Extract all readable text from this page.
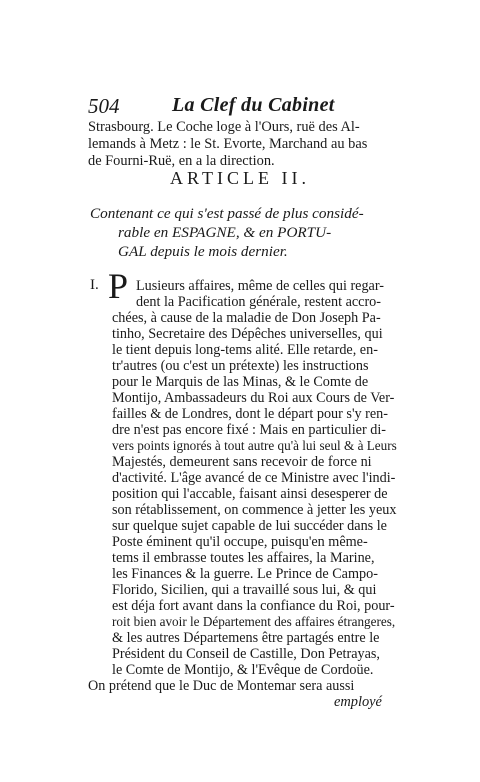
504	La Clef du Cabinet
Strasbourg. Le Coche loge à l'Ours, ruë des Al-
lemands à Metz : le St. Evorte, Marchand au bas
de Fourni-Ruë, en a la direction.
ARTICLE II.
Contenant ce qui s'est passé de plus considé-
rable en ESPAGNE, & en PORTU-
GAL depuis le mois dernier.
I. P Lusieurs affaires, même de celles qui regar-
dent la Pacification générale, restent accro-
chées, à cause de la maladie de Don Joseph Pa-
tinho, Secretaire des Dépêches universelles, qui
le tient depuis long-tems alité. Elle retarde, en-
tr'autres (ou c'est un prétexte) les instructions
pour le Marquis de las Minas, & le Comte de
Montijo, Ambassadeurs du Roi aux Cours de Ver-
failles & de Londres, dont le départ pour s'y ren-
dre n'est pas encore fixé : Mais en particulier di-
vers points ignorés à tout autre qu'à lui seul & à Leurs
Majestés, demeurent sans recevoir de force ni
d'activité. L'âge avancé de ce Ministre avec l'indi-
position qui l'accable, faisant ainsi desesperer de
son rétablissement, on commence à jetter les yeux
sur quelque sujet capable de lui succéder dans le
Poste éminent qu'il occupe, puisqu'en même-
tems il embrasse toutes les affaires, la Marine,
les Finances & la guerre. Le Prince de Campo-
Florido, Sicilien, qui a travaillé sous lui, & qui
est déja fort avant dans la confiance du Roi, pour-
roit bien avoir le Département des affaires étrangeres,
& les autres Départemens être partagés entre le
Président du Conseil de Castille, Don Petrayas,
le Comte de Montijo, & l'Evêque de Cordoüe.
On prétend que le Duc de Montemar sera aussi
employé
